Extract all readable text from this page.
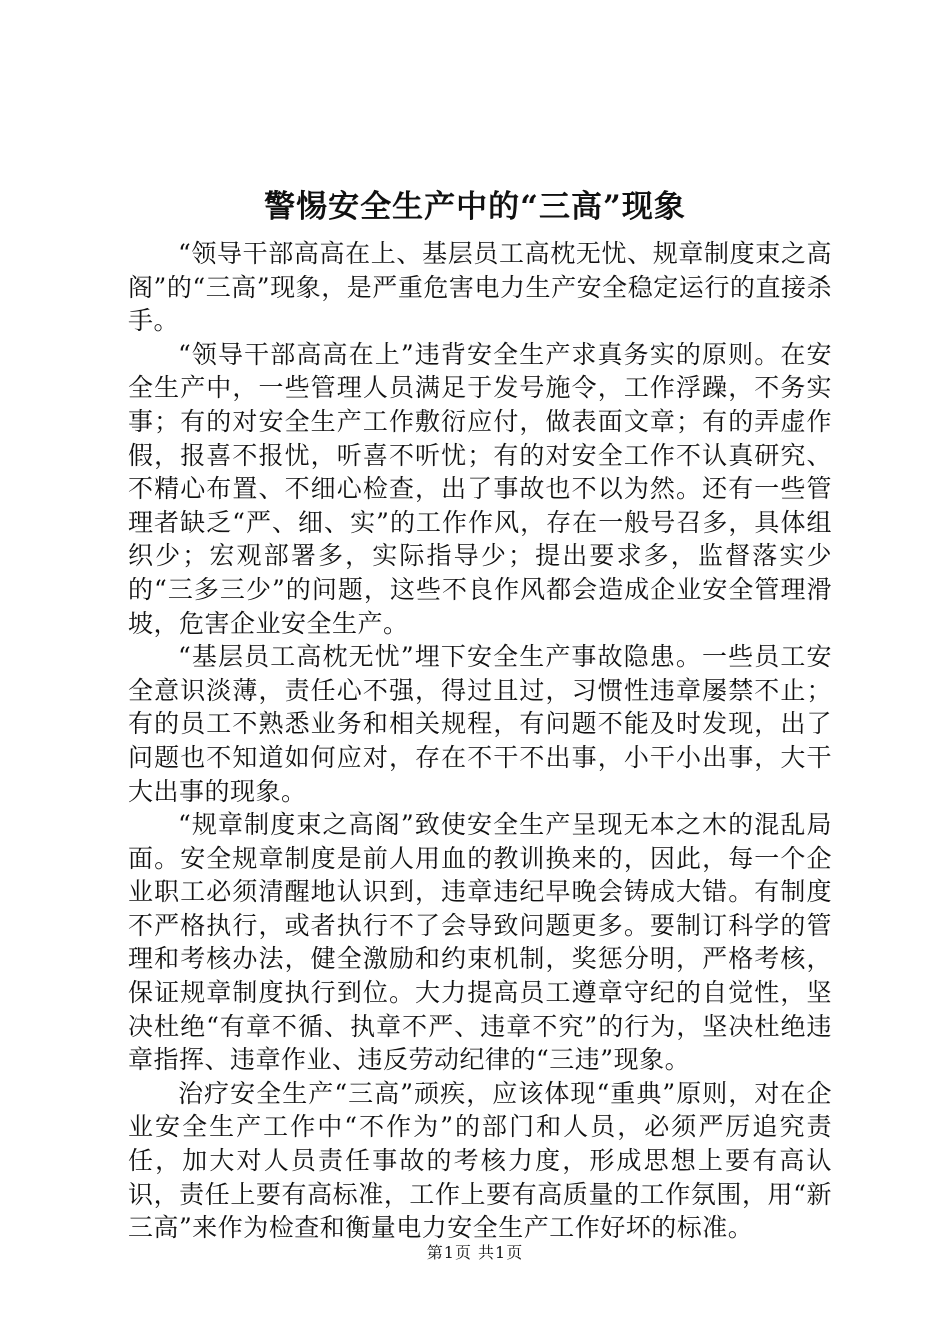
警惕安全生产中的“三高”现象

“领导干部高高在上、基层员工高枕无忧、规章制度束之高阁”的“三高”现象，是严重危害电力生产安全稳定运行的直接杀手。

“领导干部高高在上”违背安全生产求真务实的原则。在安全生产中，一些管理人员满足于发号施令，工作浮躁，不务实事；有的对安全生产工作敷衍应付，做表面文章；有的弄虚作假，报喜不报忧，听喜不听忧；有的对安全工作不认真研究、不精心布置、不细心检查，出了事故也不以为然。还有一些管理者缺乏“严、细、实”的工作作风，存在一般号召多，具体组织少；宏观部署多，实际指导少；提出要求多，监督落实少的“三多三少”的问题，这些不良作风都会造成企业安全管理滑坡，危害企业安全生产。

“基层员工高枕无忧”埋下安全生产事故隐患。一些员工安全意识淡薄，责任心不强，得过且过，习惯性违章屡禁不止；有的员工不熟悉业务和相关规程，有问题不能及时发现，出了问题也不知道如何应对，存在不干不出事，小干小出事，大干大出事的现象。

“规章制度束之高阁”致使安全生产呈现无本之木的混乱局面。安全规章制度是前人用血的教训换来的，因此，每一个企业职工必须清醒地认识到，违章违纪早晚会铸成大错。有制度不严格执行，或者执行不了会导致问题更多。要制订科学的管理和考核办法，健全激励和约束机制，奖惩分明，严格考核，保证规章制度执行到位。大力提高员工遵章守纪的自觉性，坚决杜绝“有章不循、执章不严、违章不究”的行为，坚决杜绝违章指挥、违章作业、违反劳动纪律的“三违”现象。

治疗安全生产“三高”顽疾，应该体现“重典”原则，对在企业安全生产工作中“不作为”的部门和人员，必须严厉追究责任，加大对人员责任事故的考核力度，形成思想上要有高认识，责任上要有高标准，工作上要有高质量的工作氛围，用“新三高”来作为检查和衡量电力安全生产工作好坏的标准。

第1页 共1页
